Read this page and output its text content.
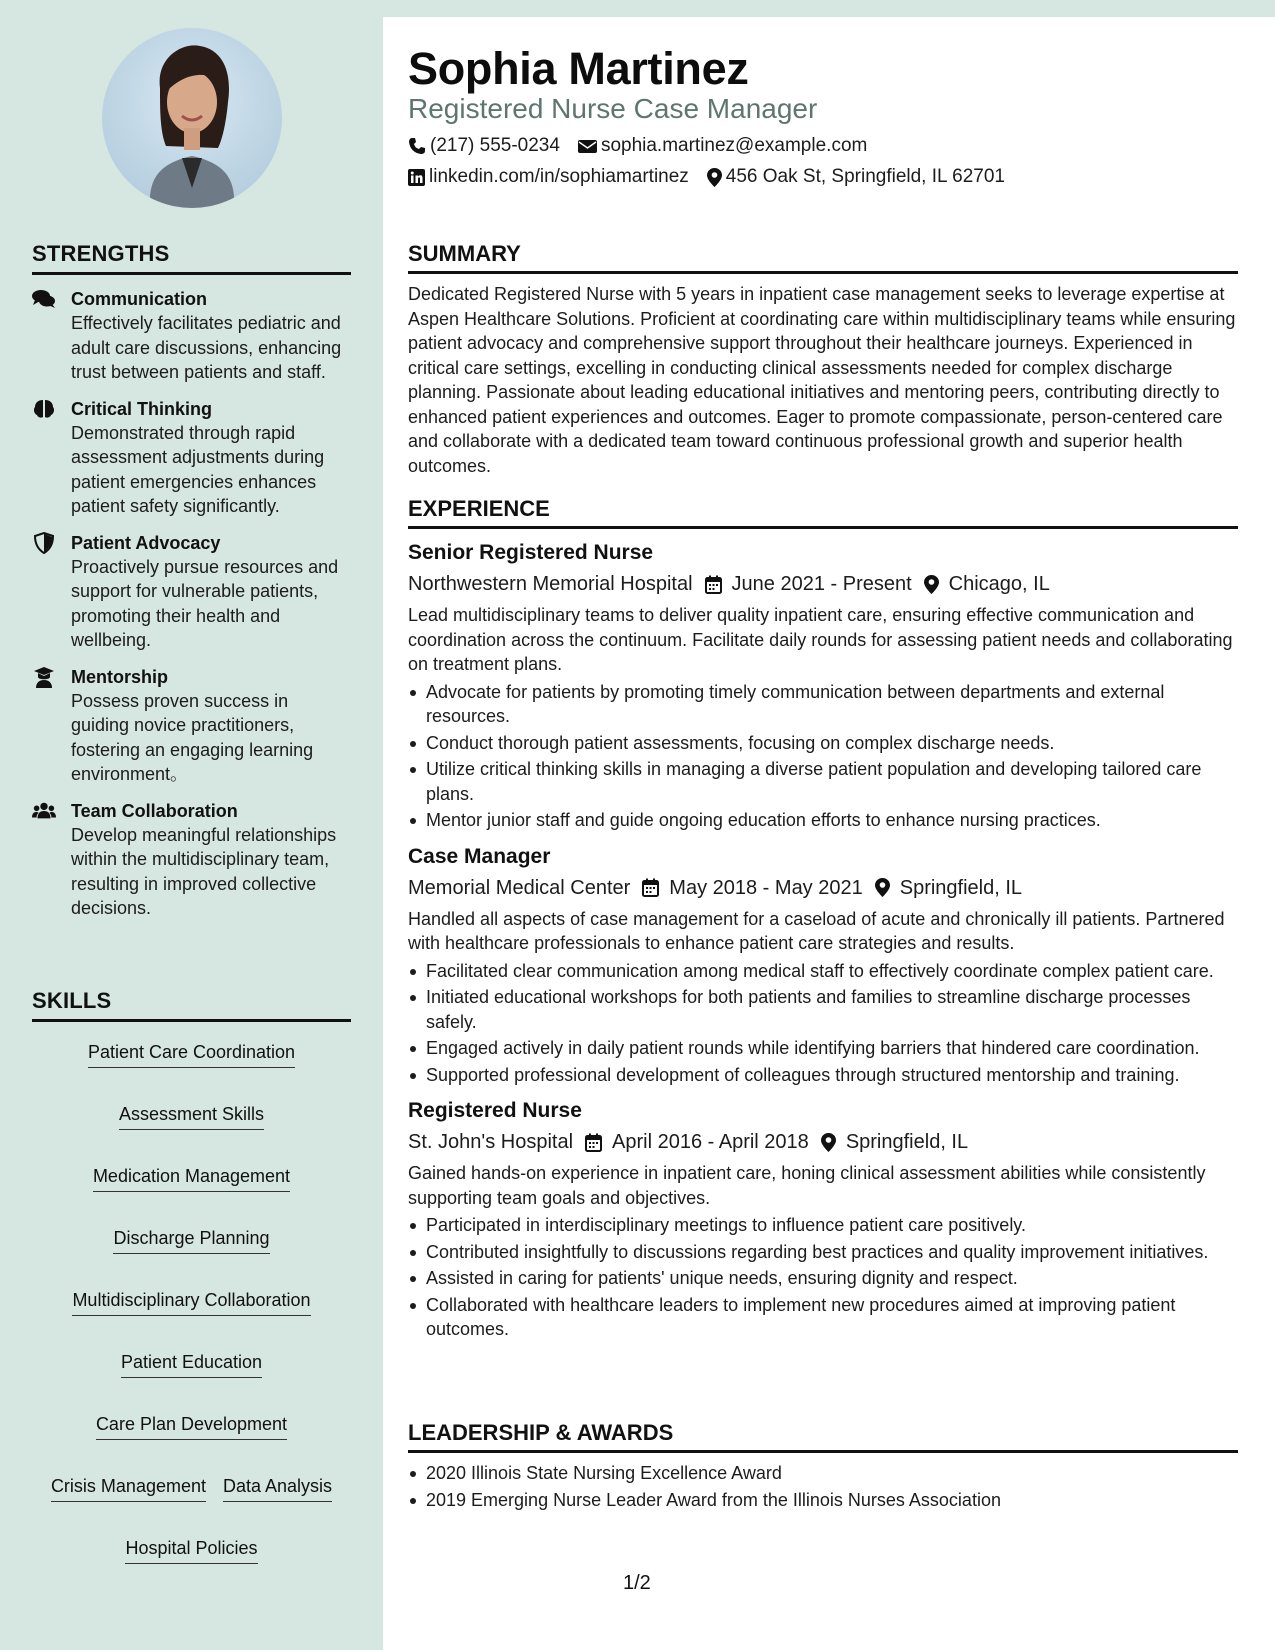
STRENGTHS
Communication
Effectively facilitates pediatric and adult care discussions, enhancing trust between patients and staff.
Critical Thinking
Demonstrated through rapid assessment adjustments during patient emergencies enhances patient safety significantly.
Patient Advocacy
Proactively pursue resources and support for vulnerable patients, promoting their health and wellbeing.
Mentorship
Possess proven success in guiding novice practitioners, fostering an engaging learning environment。
Team Collaboration
Develop meaningful relationships within the multidisciplinary team, resulting in improved collective decisions.
SKILLS
Patient Care Coordination
Assessment Skills
Medication Management
Discharge Planning
Multidisciplinary Collaboration
Patient Education
Care Plan Development
Crisis Management Data Analysis
Hospital Policies
Sophia Martinez
Registered Nurse Case Manager
(217) 555-0234 sophia.martinez@example.com
linkedin.com/in/sophiamartinez 456 Oak St, Springfield, IL 62701
SUMMARY
Dedicated Registered Nurse with 5 years in inpatient case management seeks to leverage expertise at Aspen Healthcare Solutions. Proficient at coordinating care within multidisciplinary teams while ensuring patient advocacy and comprehensive support throughout their healthcare journeys. Experienced in critical care settings, excelling in conducting clinical assessments needed for complex discharge planning. Passionate about leading educational initiatives and mentoring peers, contributing directly to enhanced patient experiences and outcomes. Eager to promote compassionate, person-centered care and collaborate with a dedicated team toward continuous professional growth and superior health outcomes.
EXPERIENCE
Senior Registered Nurse
Northwestern Memorial Hospital June 2021 - Present Chicago, IL
Lead multidisciplinary teams to deliver quality inpatient care, ensuring effective communication and coordination across the continuum. Facilitate daily rounds for assessing patient needs and collaborating on treatment plans.
Advocate for patients by promoting timely communication between departments and external resources.
Conduct thorough patient assessments, focusing on complex discharge needs.
Utilize critical thinking skills in managing a diverse patient population and developing tailored care plans.
Mentor junior staff and guide ongoing education efforts to enhance nursing practices.
Case Manager
Memorial Medical Center May 2018 - May 2021 Springfield, IL
Handled all aspects of case management for a caseload of acute and chronically ill patients. Partnered with healthcare professionals to enhance patient care strategies and results.
Facilitated clear communication among medical staff to effectively coordinate complex patient care.
Initiated educational workshops for both patients and families to streamline discharge processes safely.
Engaged actively in daily patient rounds while identifying barriers that hindered care coordination.
Supported professional development of colleagues through structured mentorship and training.
Registered Nurse
St. John's Hospital April 2016 - April 2018 Springfield, IL
Gained hands-on experience in inpatient care, honing clinical assessment abilities while consistently supporting team goals and objectives.
Participated in interdisciplinary meetings to influence patient care positively.
Contributed insightfully to discussions regarding best practices and quality improvement initiatives.
Assisted in caring for patients' unique needs, ensuring dignity and respect.
Collaborated with healthcare leaders to implement new procedures aimed at improving patient outcomes.
LEADERSHIP & AWARDS
2020 Illinois State Nursing Excellence Award
2019 Emerging Nurse Leader Award from the Illinois Nurses Association
1/2
